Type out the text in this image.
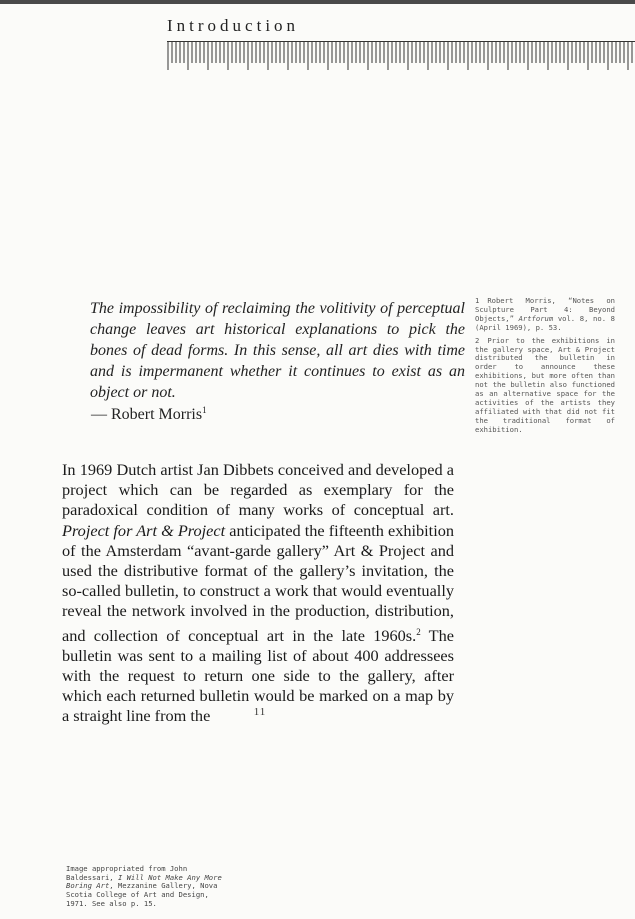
Introduction
The impossibility of reclaiming the volitivity of perceptual change leaves art historical explanations to pick the bones of dead forms. In this sense, all art dies with time and is impermanent whether it continues to exist as an object or not.
— Robert Morris$^1$

1 Robert Morris, “Notes on Sculpture Part 4: Beyond Objects,” Artforum vol. 8, no. 8 (April 1969), p. 53.

2 Prior to the exhibitions in the gallery space, Art & Project distributed the bulletin in order to announce these exhibitions, but more often than not the bulletin also functioned as an alternative space for the activities of the artists they affiliated with that did not fit the traditional format of exhibition.

In 1969 Dutch artist Jan Dibbets conceived and developed a project which can be regarded as exemplary for the paradoxical condition of many works of conceptual art. Project for Art & Project anticipated the fifteenth exhibition of the Amsterdam “avant-garde gallery” Art & Project and used the distributive format of the gallery’s invitation, the so-called bulletin, to construct a work that would eventually reveal the network involved in the production, distribution, and collection of conceptual art in the late 1960s.$^2$ The bulletin was sent to a mailing list of about 400 addressees with the request to return one side to the gallery, after which each returned bulletin would be marked on a map by a straight line from the	11
Image appropriated from John Baldessari, I Will Not Make Any More Boring Art, Mezzanine Gallery, Nova Scotia College of Art and Design, 1971. See also p. 15.
